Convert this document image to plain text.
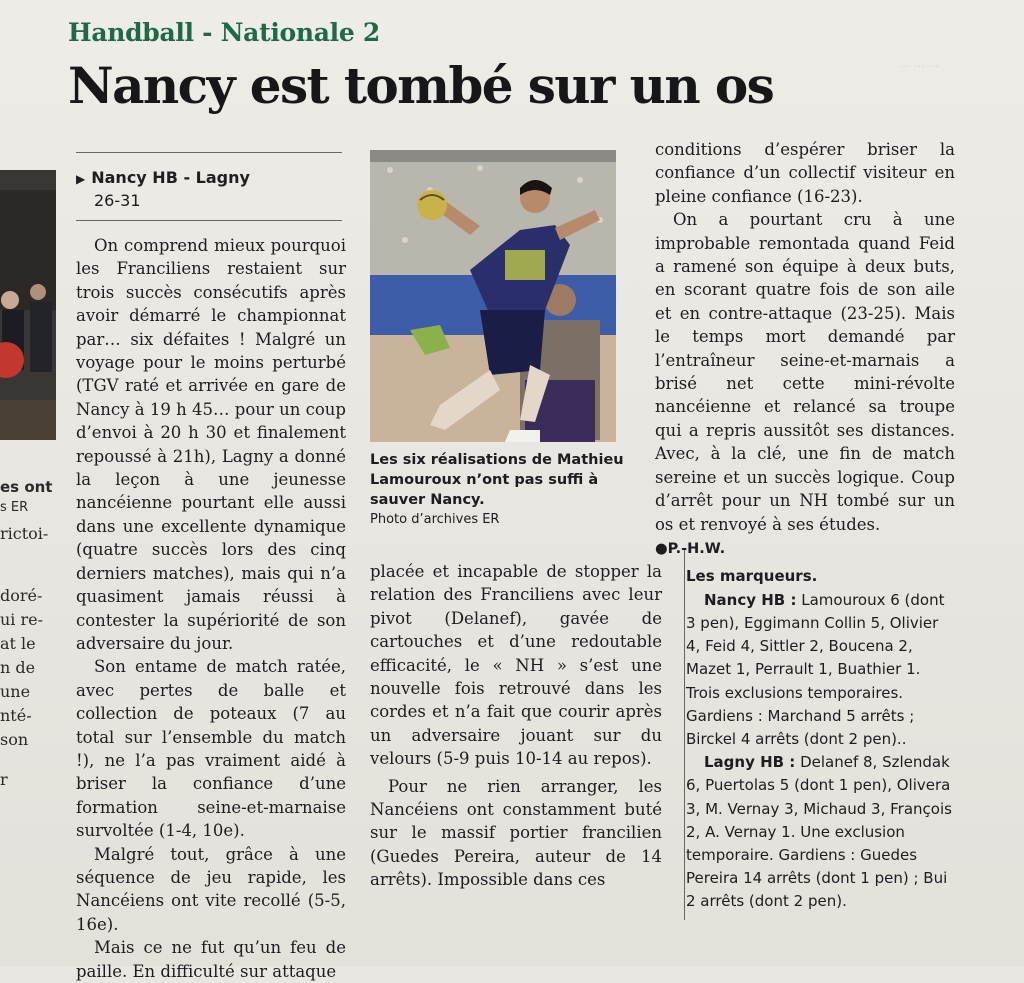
··· ··· ···
es ont
s ER
rictoi-
doré-
ui re-
at le
n de
une
nté-
son
r
Handball - Nationale 2
Nancy est tombé sur un os
▶ Nancy HB - Lagny
26-31

On comprend mieux pourquoi les Franciliens restaient sur trois succès consécutifs après avoir démarré le championnat par… six défaites ! Malgré un voyage pour le moins perturbé (TGV raté et arrivée en gare de Nancy à 19 h 45… pour un coup d’envoi à 20 h 30 et finalement repoussé à 21h), Lagny a donné la leçon à une jeunesse nancéienne pourtant elle aussi dans une excellente dynamique (quatre succès lors des cinq derniers matches), mais qui n’a quasiment jamais réussi à contester la supériorité de son adversaire du jour.

Son entame de match ratée, avec pertes de balle et collection de poteaux (7 au total sur l’ensemble du match !), ne l’a pas vraiment aidé à briser la confiance d’une formation seine-et-marnaise survoltée (1-4, 10e).

Malgré tout, grâce à une séquence de jeu rapide, les Nancéiens ont vite recollé (5-5, 16e).

Mais ce ne fut qu’un feu de paille. En difficulté sur attaque

Les six réalisations de Mathieu Lamouroux n’ont pas suffi à sauver Nancy.
Photo d’archives ER

placée et incapable de stopper la relation des Franciliens avec leur pivot (Delanef), gavée de cartouches et d’une redoutable efficacité, le « NH » s’est une nouvelle fois retrouvé dans les cordes et n’a fait que courir après un adversaire jouant sur du velours (5-9 puis 10-14 au repos).

Pour ne rien arranger, les Nancéiens ont constamment buté sur le massif portier francilien (Guedes Pereira, auteur de 14 arrêts). Impossible dans ces

conditions d’espérer briser la confiance d’un collectif visiteur en pleine confiance (16-23).

On a pourtant cru à une improbable remontada quand Feid a ramené son équipe à deux buts, en scorant quatre fois de son aile et en contre-attaque (23-25). Mais le temps mort demandé par l’entraîneur seine-et-marnais a brisé net cette mini-révolte nancéienne et relancé sa troupe qui a repris aussitôt ses distances. Avec, à la clé, une fin de match sereine et un succès logique. Coup d’arrêt pour un NH tombé sur un os et renvoyé à ses études.

●P.-H.W.
Les marqueurs.

Nancy HB : Lamouroux 6 (dont 3 pen), Eggimann Collin 5, Olivier 4, Feid 4, Sittler 2, Boucena 2, Mazet 1, Perrault 1, Buathier 1. Trois exclusions temporaires. Gardiens : Marchand 5 arrêts ; Birckel 4 arrêts (dont 2 pen)..

Lagny HB : Delanef 8, Szlendak 6, Puertolas 5 (dont 1 pen), Olivera 3, M. Vernay 3, Michaud 3, François 2, A. Vernay 1. Une exclusion temporaire. Gardiens : Guedes Pereira 14 arrêts (dont 1 pen) ; Bui 2 arrêts (dont 2 pen).
